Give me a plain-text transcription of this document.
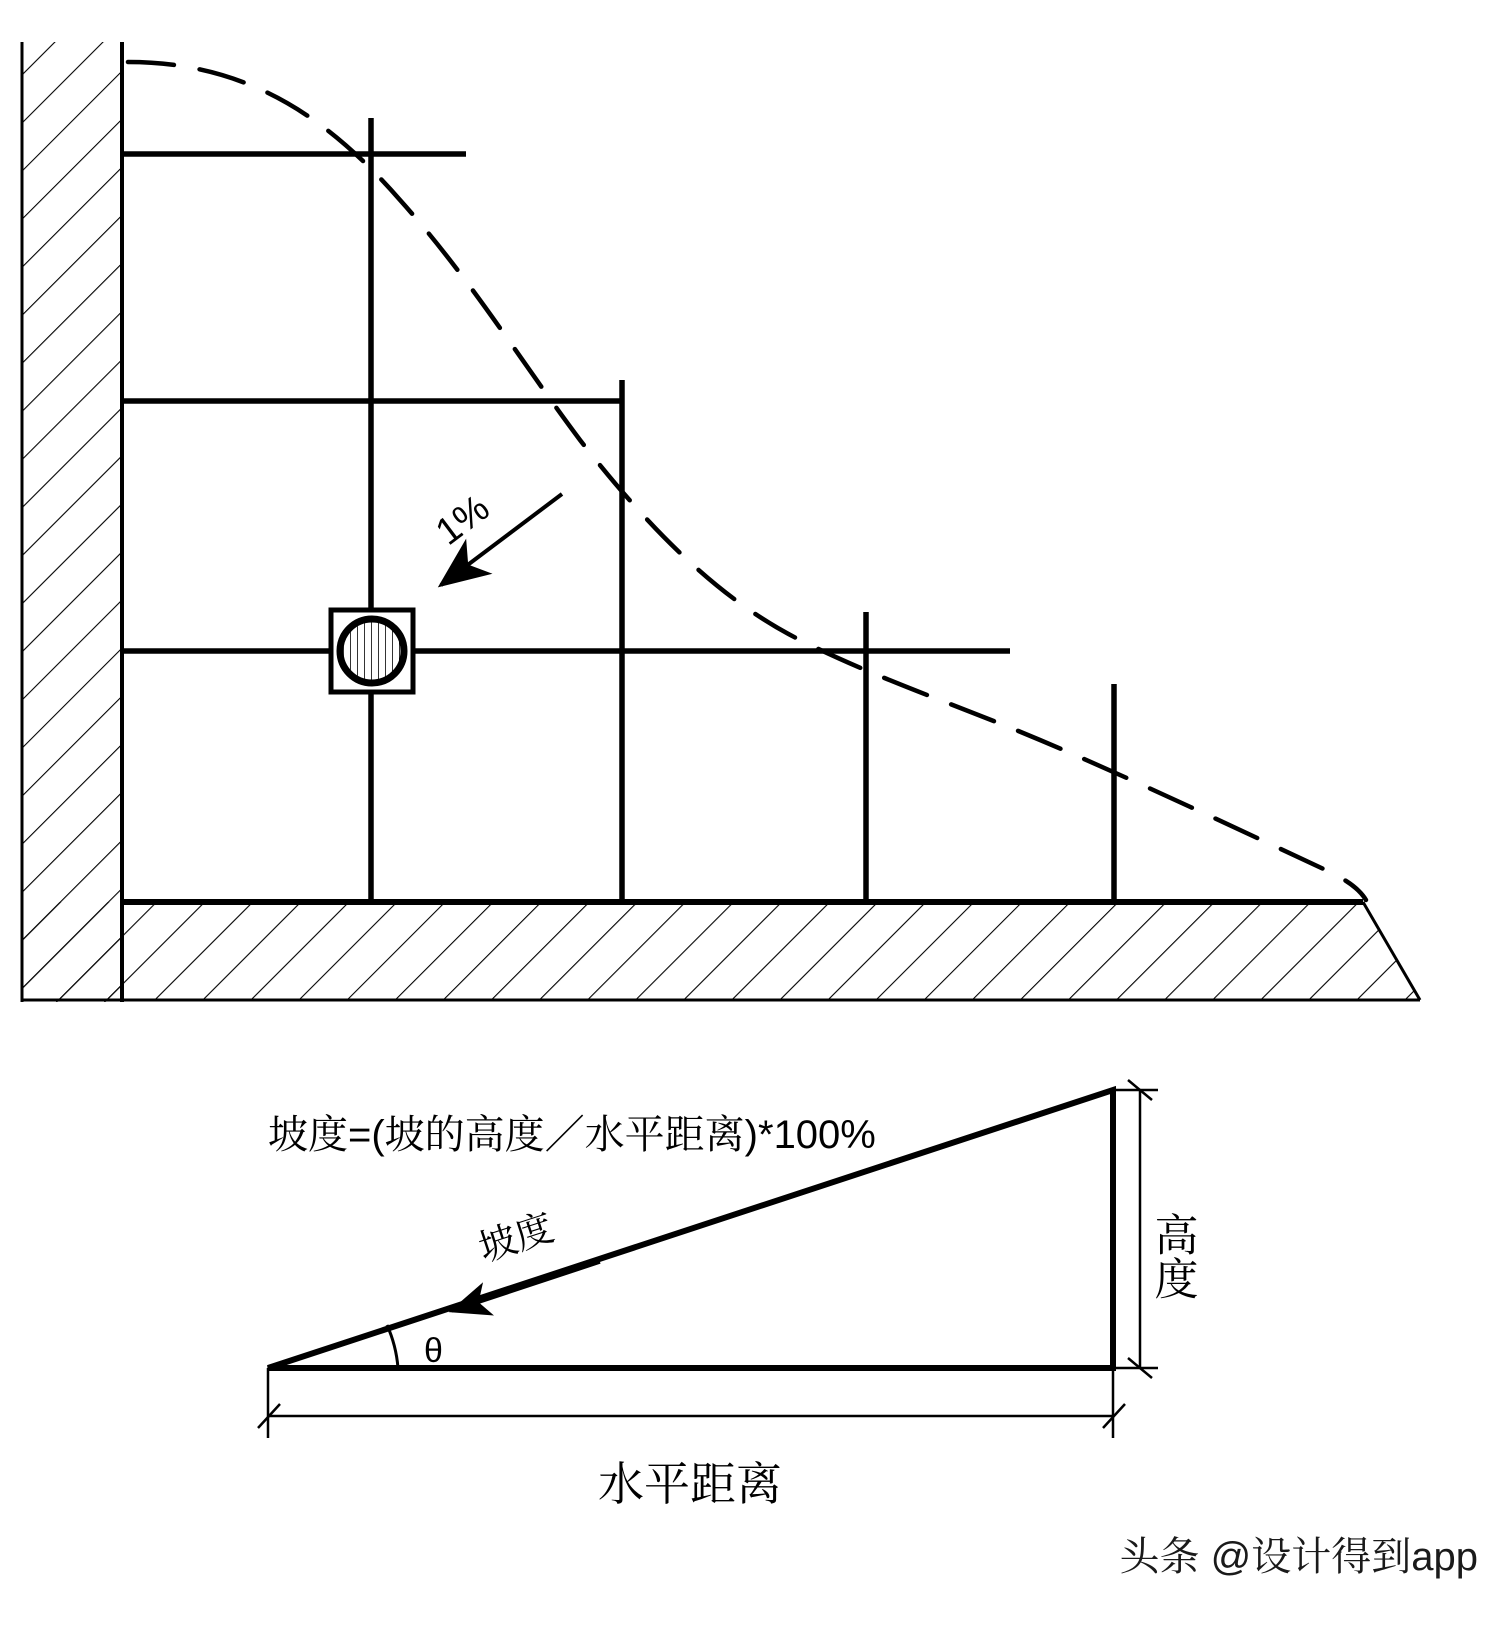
1%
θ
坡度
坡度=(坡的高度／水平距离)*100%
高度
水平距离
头条 @设计得到app
